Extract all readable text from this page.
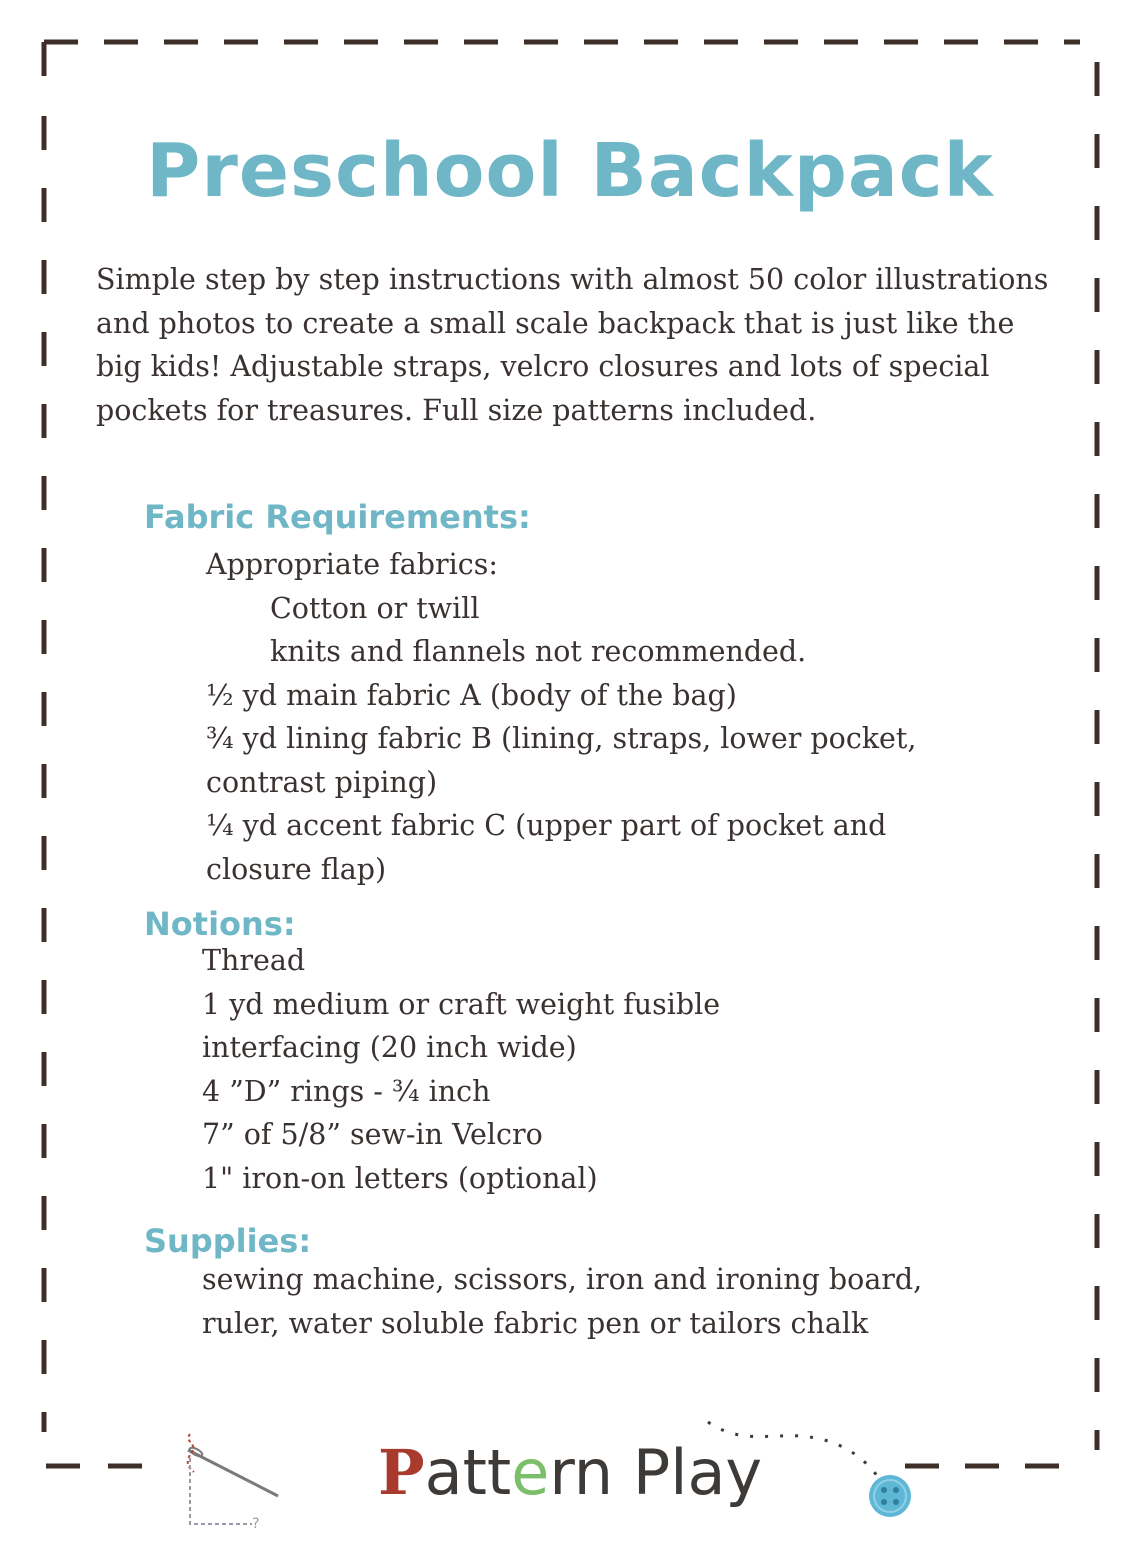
Preschool Backpack
Simple step by step instructions with almost 50 color illustrations
and photos to create a small scale backpack that is just like the
big kids! Adjustable straps, velcro closures and lots of special
pockets for treasures. Full size patterns included.
Fabric Requirements:

Appropriate fabrics:

Cotton or twill

knits and flannels not recommended.

½ yd main fabric A (body of the bag)

¾ yd lining fabric B (lining, straps, lower pocket,

contrast piping)

¼ yd accent fabric C (upper part of pocket and

closure flap)

Notions:

Thread

1 yd medium or craft weight fusible

interfacing (20 inch wide)

4 ”D” rings - ¾ inch

7” of 5/8” sew-in Velcro

1" iron-on letters (optional)

Supplies:

sewing machine, scissors, iron and ironing board,

ruler, water soluble fabric pen or tailors chalk

?
Pattern Play
